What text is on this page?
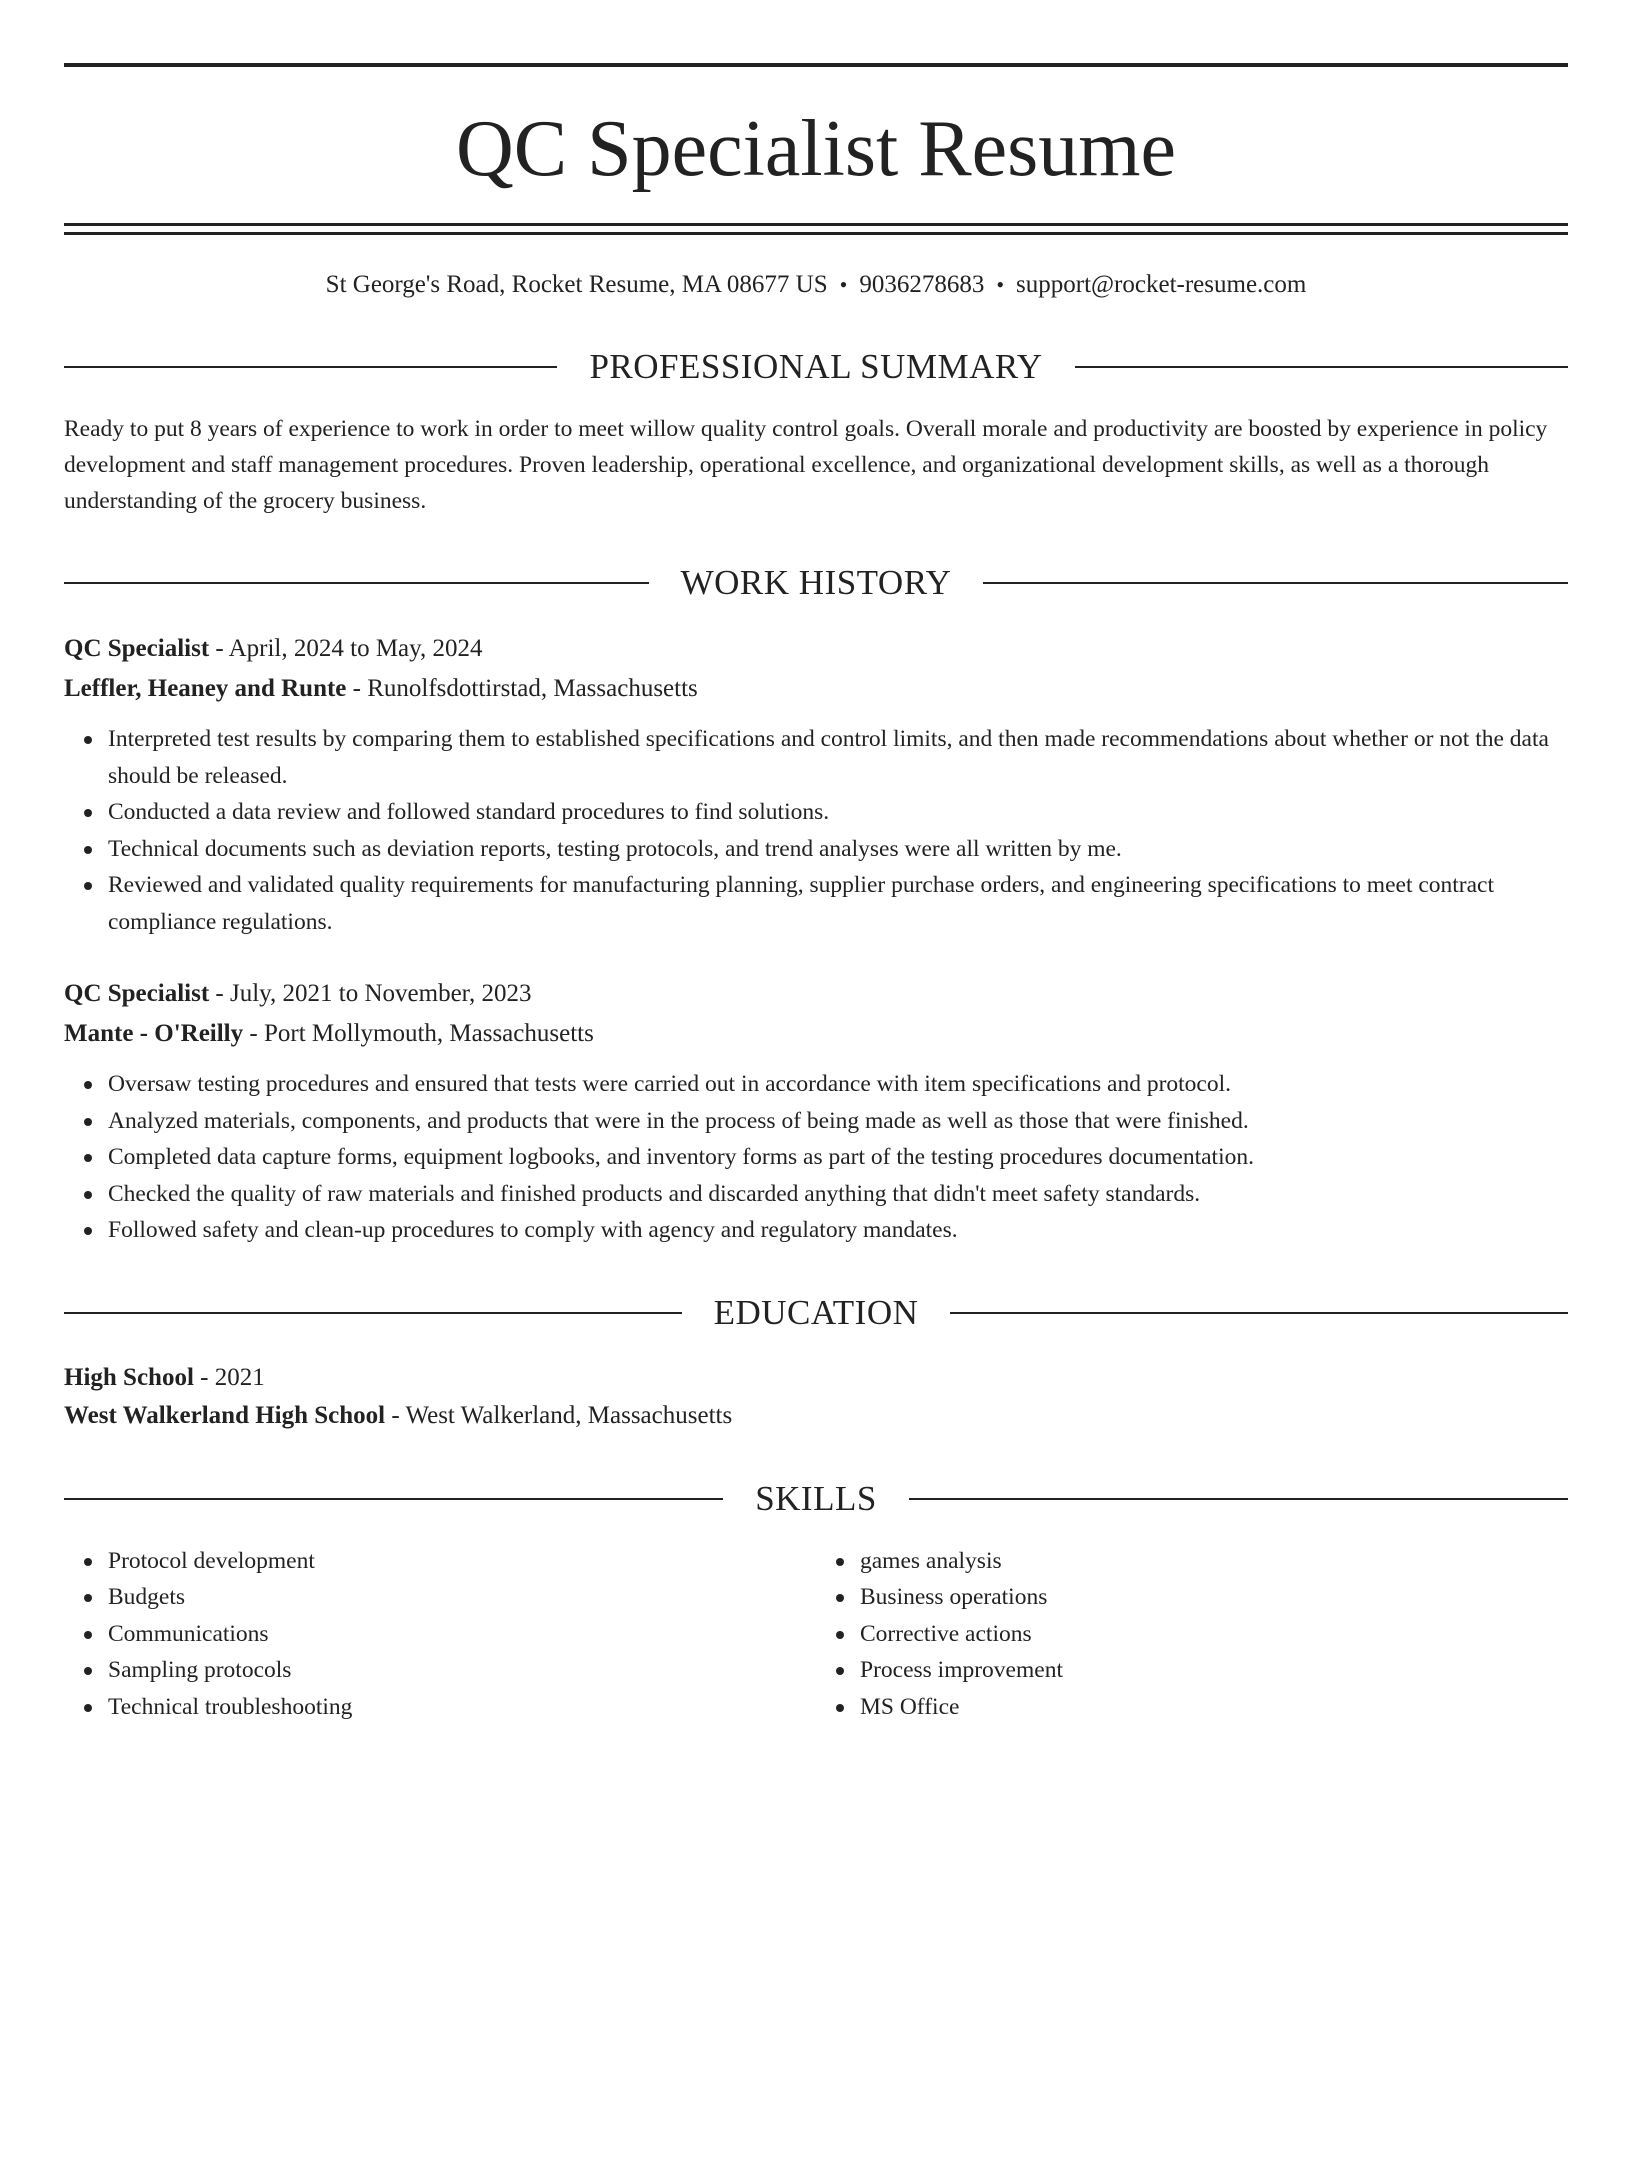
QC Specialist Resume
St George's Road, Rocket Resume, MA 08677 US • 9036278683 • support@rocket-resume.com
PROFESSIONAL SUMMARY
Ready to put 8 years of experience to work in order to meet willow quality control goals. Overall morale and productivity are boosted by experience in policy development and staff management procedures. Proven leadership, operational excellence, and organizational development skills, as well as a thorough understanding of the grocery business.
WORK HISTORY
QC Specialist - April, 2024 to May, 2024
Leffler, Heaney and Runte - Runolfsdottirstad, Massachusetts
Interpreted test results by comparing them to established specifications and control limits, and then made recommendations about whether or not the data should be released.
Conducted a data review and followed standard procedures to find solutions.
Technical documents such as deviation reports, testing protocols, and trend analyses were all written by me.
Reviewed and validated quality requirements for manufacturing planning, supplier purchase orders, and engineering specifications to meet contract compliance regulations.
QC Specialist - July, 2021 to November, 2023
Mante - O'Reilly - Port Mollymouth, Massachusetts
Oversaw testing procedures and ensured that tests were carried out in accordance with item specifications and protocol.
Analyzed materials, components, and products that were in the process of being made as well as those that were finished.
Completed data capture forms, equipment logbooks, and inventory forms as part of the testing procedures documentation.
Checked the quality of raw materials and finished products and discarded anything that didn't meet safety standards.
Followed safety and clean-up procedures to comply with agency and regulatory mandates.
EDUCATION
High School - 2021
West Walkerland High School - West Walkerland, Massachusetts
SKILLS
Protocol development
Budgets
Communications
Sampling protocols
Technical troubleshooting
games analysis
Business operations
Corrective actions
Process improvement
MS Office
